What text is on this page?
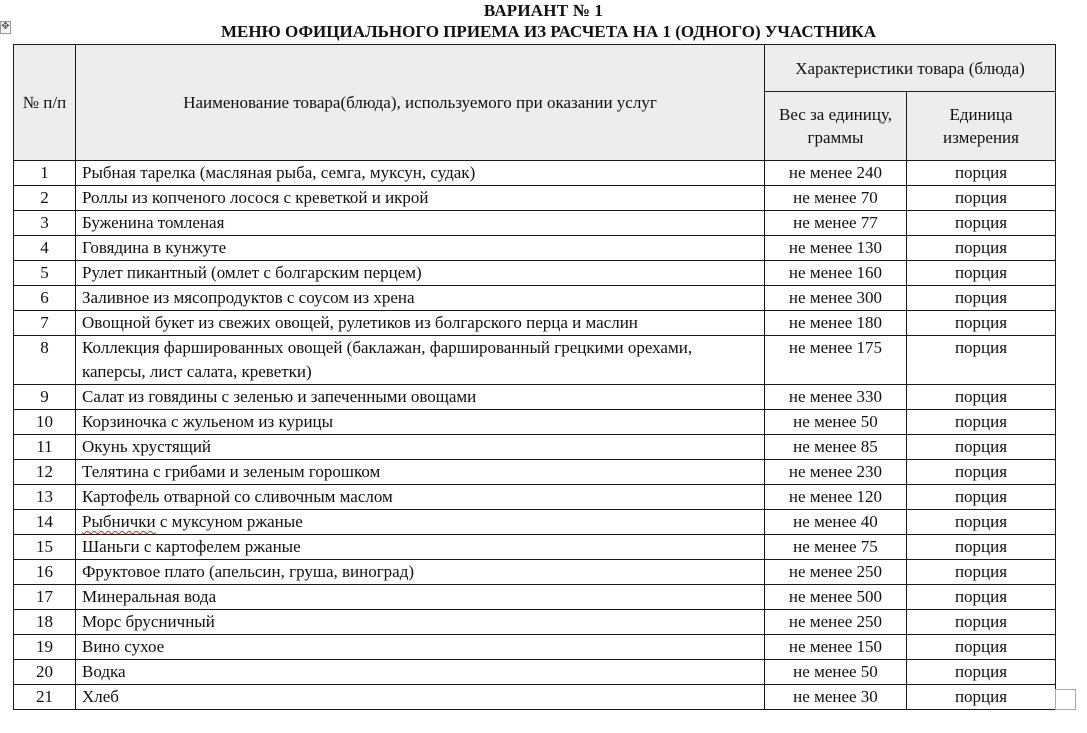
✥
ВАРИАНТ № 1
МЕНЮ ОФИЦИАЛЬНОГО ПРИЕМА ИЗ РАСЧЕТА НА 1 (ОДНОГО) УЧАСТНИКА
№ п/п	Наименование товара(блюда), используемого при оказании услуг	Характеристики товара (блюда)	
		Вес за единицу, граммы	Единица измерения
1	Рыбная тарелка (масляная рыба, семга, муксун, судак)	не менее 240	порция
2	Роллы из копченого лосося с креветкой и икрой	не менее 70	порция
3	Буженина томленая	не менее 77	порция
4	Говядина в кунжуте	не менее 130	порция
5	Рулет пикантный (омлет с болгарским перцем)	не менее 160	порция
6	Заливное из мясопродуктов с соусом из хрена	не менее 300	порция
7	Овощной букет из свежих овощей, рулетиков из болгарского перца и маслин	не менее 180	порция
8	Коллекция фаршированных овощей (баклажан, фаршированный грецкими орехами, каперсы, лист салата, креветки)	не менее 175	порция
9	Салат из говядины с зеленью и запеченными овощами	не менее 330	порция
10	Корзиночка с жульеном из курицы	не менее 50	порция
11	Окунь хрустящий	не менее 85	порция
12	Телятина с грибами и зеленым горошком	не менее 230	порция
13	Картофель отварной со сливочным маслом	не менее 120	порция
14	Рыбнички с муксуном ржаные	не менее 40	порция
15	Шаньги с картофелем ржаные	не менее 75	порция
16	Фруктовое плато (апельсин, груша, виноград)	не менее 250	порция
17	Минеральная вода	не менее 500	порция
18	Морс брусничный	не менее 250	порция
19	Вино сухое	не менее 150	порция
20	Водка	не менее 50	порция
21	Хлеб	не менее 30	порция
